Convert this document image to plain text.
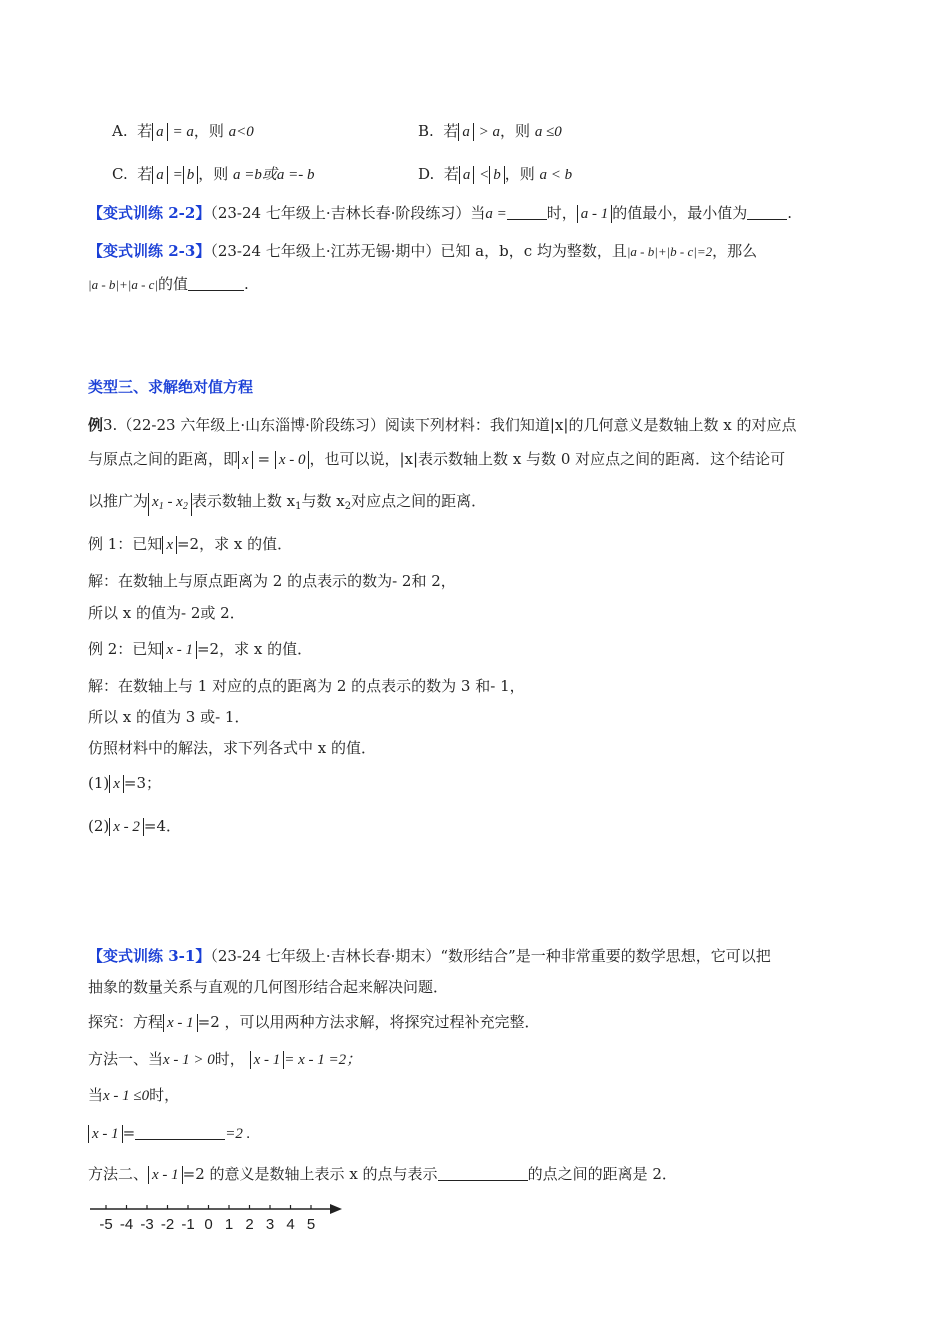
A. 若 a = a，则 a<0	B. 若 a > a，则 a ≤0
C. 若 a = b ，则 a =b或a =- b	D. 若 a < b ，则 a < b
【变式训练 2-2】（23-24 七年级上·吉林长春·阶段练习）当a =	时， a - 1 的值最小，最小值为	.
【变式训练 2-3】（23-24 七年级上·江苏无锡·期中）已知 a，b，c 均为整数，且|a - b|+|b - c|=2，那么
|a - b|+|a - c|的值	.
类型三、求解绝对值方程
例3.（22-23 六年级上·山东淄博·阶段练习）阅读下列材料：我们知道|x|的几何意义是数轴上数 x 的对应点
与原点之间的距离，即 x = x - 0 ，也可以说，|x|表示数轴上数 x 与数 0 对应点之间的距离．这个结论可
以推广为 $x_1 - x_2$ 表示数轴上数 $x_1$与数 $x_2$对应点之间的距离．
例 1：已知 x =2，求 x 的值．
解：在数轴上与原点距离为 2 的点表示的数为- 2和 2，
所以 x 的值为- 2或 2．
例 2：已知 x - 1 =2，求 x 的值．
解：在数轴上与 1 对应的点的距离为 2 的点表示的数为 3 和- 1，
所以 x 的值为 3 或- 1．
仿照材料中的解法，求下列各式中 x 的值．
(1) x =3；
(2) x - 2 =4．
【变式训练 3-1】（23-24 七年级上·吉林长春·期末）“数形结合”是一种非常重要的数学思想，它可以把
抽象的数量关系与直观的几何图形结合起来解决问题．
探究：方程 x - 1 =2 ，可以用两种方法求解，将探究过程补充完整．
方法一、当x - 1 > 0时， x - 1 = x - 1 =2；
当x - 1 ≤0时，
x - 1 =	=2 .
方法二、 x - 1 =2 的意义是数轴上表示 x 的点与表示	的点之间的距离是 2．
-5 -4 -3 -2 -1 0 1 2 3 4 5
